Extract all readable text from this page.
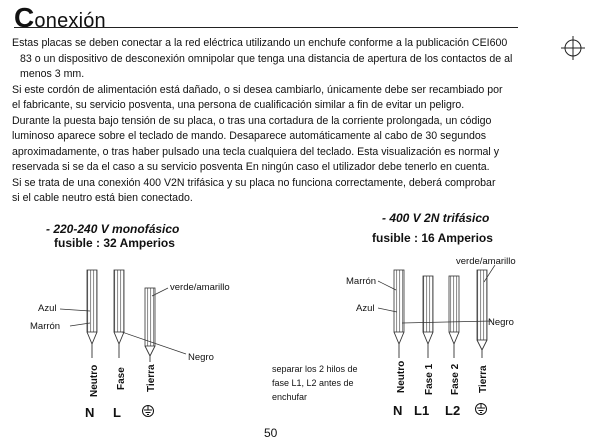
Conexión

Estas placas se deben conectar a la red eléctrica utilizando un enchufe conforme a la publicación CEI600

83 o un dispositivo de desconexión omnipolar que tenga una distancia de apertura de los contactos de al

menos 3 mm.

Si este cordón de alimentación está dañado, o si desea cambiarlo, únicamente debe ser recambiado por

el fabricante, su servicio posventa, una persona de cualificación similar a fin de evitar un peligro.

Durante la puesta bajo tensión de su placa, o tras una cortadura de la corriente prolongada, un código

luminoso aparece sobre el teclado de mando. Desaparece automáticamente al cabo de 30 segundos

aproximadamente, o tras haber pulsado una tecla cualquiera del teclado. Esta visualización es normal y

reservada si se da el caso a su servicio posventa En ningún caso el utilizador debe tenerlo en cuenta.

Si se trata de una conexión 400 V2N trifásica y su placa no funciona correctamente, deberá comprobar

si el cable neutro está bien conectado.

- 220-240 V monofásico
fusible : 32 Amperios
- 400 V 2N trifásico
fusible : 16 Amperios
Azul
Marrón
verde/amarillo
Negro
Neutro Fase Tierra
N L
Marrón
Azul
verde/amarillo
Negro
Neutro Fase 1 Fase 2 Tierra
N L1 L2
separar los 2 hilos de
fase L1, L2 antes de
enchufar
50
